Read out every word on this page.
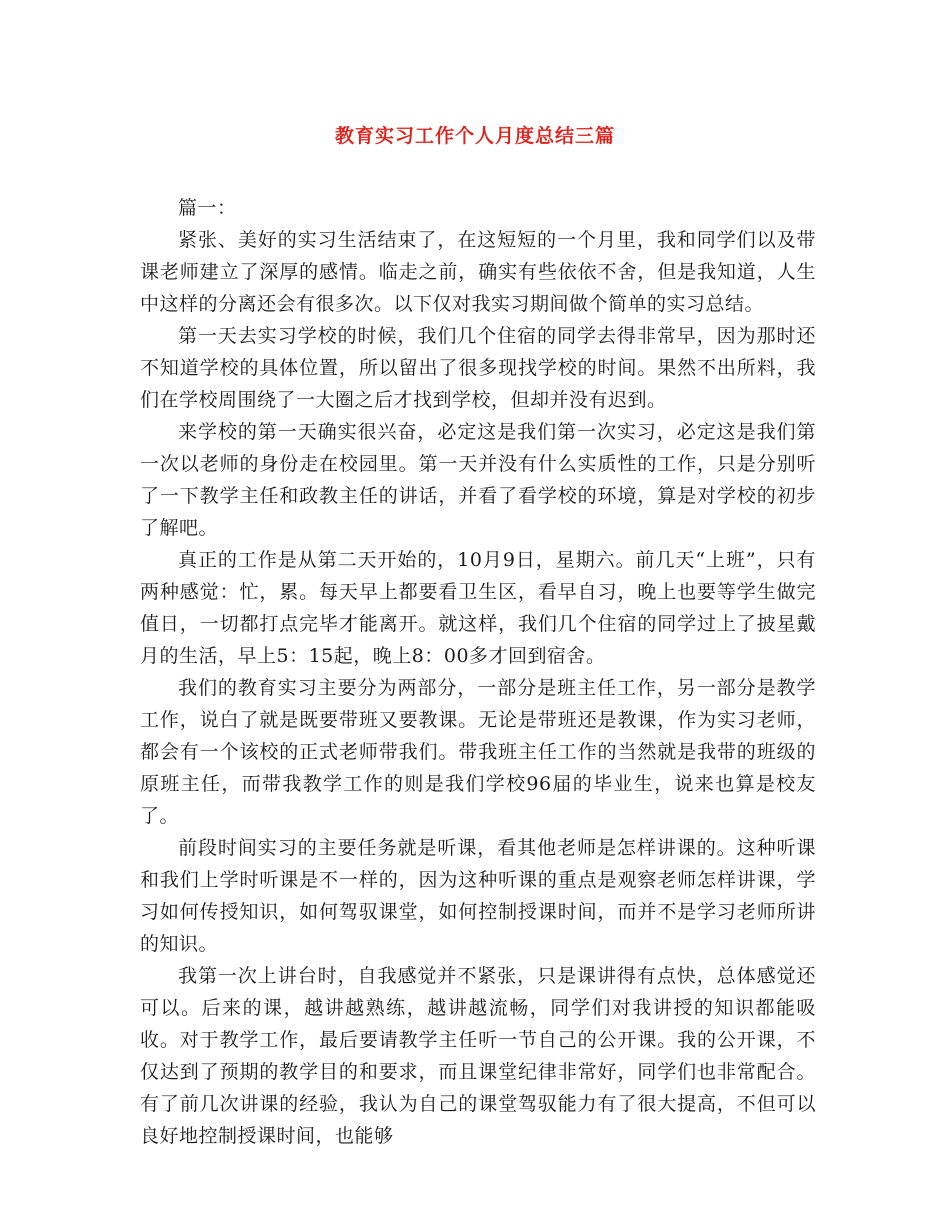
教育实习工作个人月度总结三篇

篇一：

紧张、美好的实习生活结束了，在这短短的一个月里，我和同学们以及带课老师建立了深厚的感情。临走之前，确实有些依依不舍，但是我知道，人生中这样的分离还会有很多次。以下仅对我实习期间做个简单的实习总结。

第一天去实习学校的时候，我们几个住宿的同学去得非常早，因为那时还不知道学校的具体位置，所以留出了很多现找学校的时间。果然不出所料，我们在学校周围绕了一大圈之后才找到学校，但却并没有迟到。

来学校的第一天确实很兴奋，必定这是我们第一次实习，必定这是我们第一次以老师的身份走在校园里。第一天并没有什么实质性的工作，只是分别听了一下教学主任和政教主任的讲话，并看了看学校的环境，算是对学校的初步了解吧。

真正的工作是从第二天开始的，10月9日，星期六。前几天“上班”，只有两种感觉：忙，累。每天早上都要看卫生区，看早自习，晚上也要等学生做完值日，一切都打点完毕才能离开。就这样，我们几个住宿的同学过上了披星戴月的生活，早上5：15起，晚上8：00多才回到宿舍。

我们的教育实习主要分为两部分，一部分是班主任工作，另一部分是教学工作，说白了就是既要带班又要教课。无论是带班还是教课，作为实习老师，都会有一个该校的正式老师带我们。带我班主任工作的当然就是我带的班级的原班主任，而带我教学工作的则是我们学校96届的毕业生，说来也算是校友了。

前段时间实习的主要任务就是听课，看其他老师是怎样讲课的。这种听课和我们上学时听课是不一样的，因为这种听课的重点是观察老师怎样讲课，学习如何传授知识，如何驾驭课堂，如何控制授课时间，而并不是学习老师所讲的知识。

我第一次上讲台时，自我感觉并不紧张，只是课讲得有点快，总体感觉还可以。后来的课，越讲越熟练，越讲越流畅，同学们对我讲授的知识都能吸收。对于教学工作，最后要请教学主任听一节自己的公开课。我的公开课，不仅达到了预期的教学目的和要求，而且课堂纪律非常好，同学们也非常配合。有了前几次讲课的经验，我认为自己的课堂驾驭能力有了很大提高，不但可以良好地控制授课时间，也能够
